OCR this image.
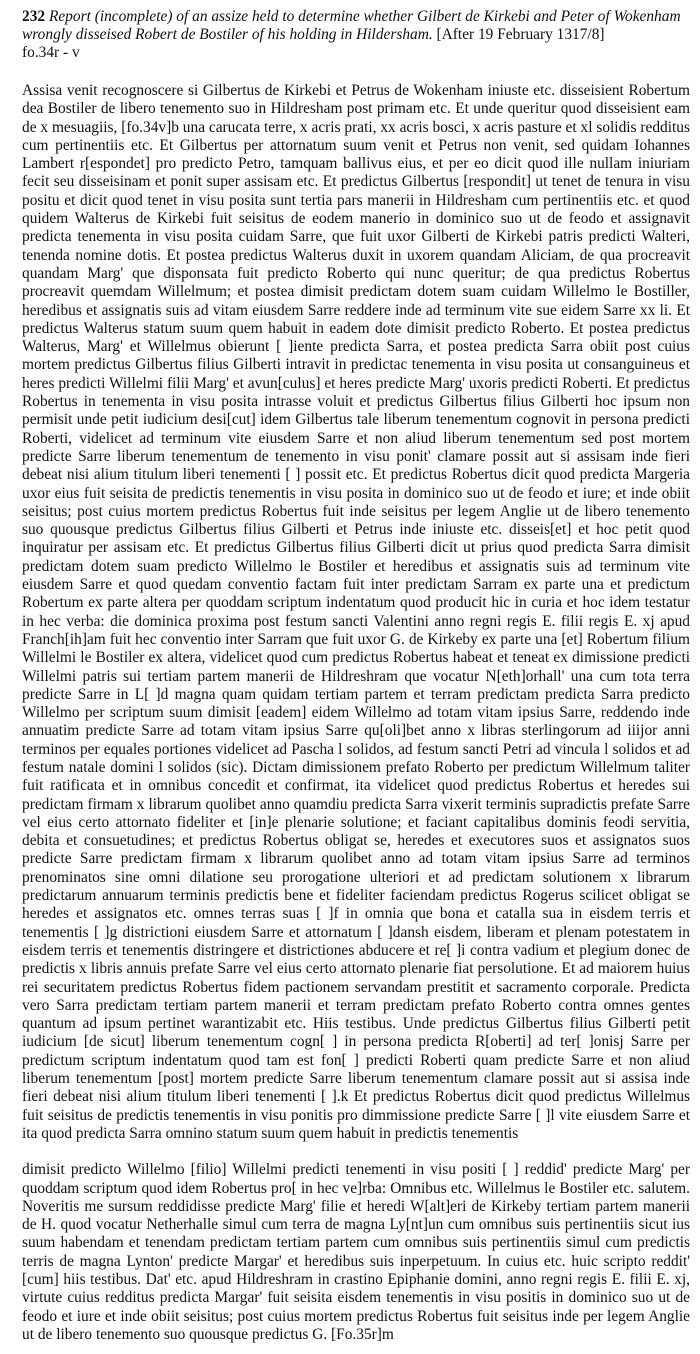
232 Report (incomplete) of an assize held to determine whether Gilbert de Kirkebi and Peter of Wokenham wrongly disseised Robert de Bostiler of his holding in Hildersham. [After 19 February 1317/8]

fo.34r - v

Assisa venit recognoscere si Gilbertus de Kirkebi et Petrus de Wokenham iniuste etc. disseisient Robertum dea Bostiler de libero tenemento suo in Hildresham post primam etc. Et unde queritur quod disseisient eam de x mesuagiis, [fo.34v]b una carucata terre, x acris prati, xx acris bosci, x acris pasture et xl solidis redditus cum pertinentiis etc. Et Gilbertus per attornatum suum venit et Petrus non venit, sed quidam Iohannes Lambert r[espondet] pro predicto Petro, tamquam ballivus eius, et per eo dicit quod ille nullam iniuriam fecit seu disseisinam et ponit super assisam etc. Et predictus Gilbertus [respondit] ut tenet de tenura in visu positu et dicit quod tenet in visu posita sunt tertia pars manerii in Hildresham cum pertinentiis etc. et quod quidem Walterus de Kirkebi fuit seisitus de eodem manerio in dominico suo ut de feodo et assignavit predicta tenementa in visu posita cuidam Sarre, que fuit uxor Gilberti de Kirkebi patris predicti Walteri, tenenda nomine dotis. Et postea predictus Walterus duxit in uxorem quandam Aliciam, de qua procreavit quandam Marg' que disponsata fuit predicto Roberto qui nunc queritur; de qua predictus Robertus procreavit quemdam Willelmum; et postea dimisit predictam dotem suam cuidam Willelmo le Bostiller, heredibus et assignatis suis ad vitam eiusdem Sarre reddere inde ad terminum vite sue eidem Sarre xx li. Et predictus Walterus statum suum quem habuit in eadem dote dimisit predicto Roberto. Et postea predictus Walterus, Marg' et Willelmus obierunt [ ]iente predicta Sarra, et postea predicta Sarra obiit post cuius mortem predictus Gilbertus filius Gilberti intravit in predictac tenementa in visu posita ut consanguineus et heres predicti Willelmi filii Marg' et avun[culus] et heres predicte Marg' uxoris predicti Roberti. Et predictus Robertus in tenementa in visu posita intrasse voluit et predictus Gilbertus filius Gilberti hoc ipsum non permisit unde petit iudicium desi[cut] idem Gilbertus tale liberum tenementum cognovit in persona predicti Roberti, videlicet ad terminum vite eiusdem Sarre et non aliud liberum tenementum sed post mortem predicte Sarre liberum tenementum de tenemento in visu ponit' clamare possit aut si assisam inde fieri debeat nisi alium titulum liberi tenementi [ ] possit etc. Et predictus Robertus dicit quod predicta Margeria uxor eius fuit seisita de predictis tenementis in visu posita in dominico suo ut de feodo et iure; et inde obiit seisitus; post cuius mortem predictus Robertus fuit inde seisitus per legem Anglie ut de libero tenemento suo quousque predictus Gilbertus filius Gilberti et Petrus inde iniuste etc. disseis[et] et hoc petit quod inquiratur per assisam etc. Et predictus Gilbertus filius Gilberti dicit ut prius quod predicta Sarra dimisit predictam dotem suam predicto Willelmo le Bostiler et heredibus et assignatis suis ad terminum vite eiusdem Sarre et quod quedam conventio factam fuit inter predictam Sarram ex parte una et predictum Robertum ex parte altera per quoddam scriptum indentatum quod producit hic in curia et hoc idem testatur in hec verba: die dominica proxima post festum sancti Valentini anno regni regis E. filii regis E. xj apud Franch[ih]am fuit hec conventio inter Sarram que fuit uxor G. de Kirkeby ex parte una [et] Robertum filium Willelmi le Bostiler ex altera, videlicet quod cum predictus Robertus habeat et teneat ex dimissione predicti Willelmi patris sui tertiam partem manerii de Hildreshram que vocatur N[eth]orhall' una cum tota terra predicte Sarre in L[ ]d magna quam quidam tertiam partem et terram predictam predicta Sarra predicto Willelmo per scriptum suum dimisit [eadem] eidem Willelmo ad totam vitam ipsius Sarre, reddendo inde annuatim predicte Sarre ad totam vitam ipsius Sarre qu[oli]bet anno x libras sterlingorum ad iiijor anni terminos per equales portiones videlicet ad Pascha l solidos, ad festum sancti Petri ad vincula l solidos et ad festum natale domini l solidos (sic). Dictam dimissionem prefato Roberto per predictum Willelmum taliter fuit ratificata et in omnibus concedit et confirmat, ita videlicet quod predictus Robertus et heredes sui predictam firmam x librarum quolibet anno quamdiu predicta Sarra vixerit terminis supradictis prefate Sarre vel eius certo attornato fideliter et [in]e plenarie solutione; et faciant capitalibus dominis feodi servitia, debita et consuetudines; et predictus Robertus obligat se, heredes et executores suos et assignatos suos predicte Sarre predictam firmam x librarum quolibet anno ad totam vitam ipsius Sarre ad terminos prenominatos sine omni dilatione seu prorogatione ulteriori et ad predictam solutionem x librarum predictarum annuarum terminis predictis bene et fideliter faciendam predictus Rogerus scilicet obligat se heredes et assignatos etc. omnes terras suas [ ]f in omnia que bona et catalla sua in eisdem terris et tenementis [ ]g districtioni eiusdem Sarre et attornatum [ ]dansh eisdem, liberam et plenam potestatem in eisdem terris et tenementis distringere et districtiones abducere et re[ ]i contra vadium et plegium donec de predictis x libris annuis prefate Sarre vel eius certo attornato plenarie fiat persolutione. Et ad maiorem huius rei securitatem predictus Robertus fidem pactionem servandam prestitit et sacramento corporale. Predicta vero Sarra predictam tertiam partem manerii et terram predictam prefato Roberto contra omnes gentes quantum ad ipsum pertinet warantizabit etc. Hiis testibus. Unde predictus Gilbertus filius Gilberti petit iudicium [de sicut] liberum tenementum cogn[ ] in persona predicta R[oberti] ad ter[ ]onisj Sarre per predictum scriptum indentatum quod tam est fon[ ] predicti Roberti quam predicte Sarre et non aliud liberum tenementum [post] mortem predicte Sarre liberum tenementum clamare possit aut si assisa inde fieri debeat nisi alium titulum liberi tenementi [ ].k Et predictus Robertus dicit quod predictus Willelmus fuit seisitus de predictis tenementis in visu ponitis pro dimmissione predicte Sarre [ ]l vite eiusdem Sarre et ita quod predicta Sarra omnino statum suum quem habuit in predictis tenementis

dimisit predicto Willelmo [filio] Willelmi predicti tenementi in visu positi [ ] reddid' predicte Marg' per quoddam scriptum quod idem Robertus pro[ in hec ve]rba: Omnibus etc. Willelmus le Bostiler etc. salutem. Noveritis me sursum reddidisse predicte Marg' filie et heredi W[alt]eri de Kirkeby tertiam partem manerii de H. quod vocatur Netherhalle simul cum terra de magna Ly[nt]un cum omnibus suis pertinentiis sicut ius suum habendam et tenendam predictam tertiam partem cum omnibus suis pertinentiis simul cum predictis terris de magna Lynton' predicte Margar' et heredibus suis inperpetuum. In cuius etc. huic scripto reddit' [cum] hiis testibus. Dat' etc. apud Hildreshram in crastino Epiphanie domini, anno regni regis E. filii E. xj, virtute cuius redditus predicta Margar' fuit seisita eisdem tenementis in visu positis in dominico suo ut de feodo et iure et inde obiit seisitus; post cuius mortem predictus Robertus fuit seisitus inde per legem Anglie ut de libero tenemento suo quousque predictus G. [Fo.35r]m
